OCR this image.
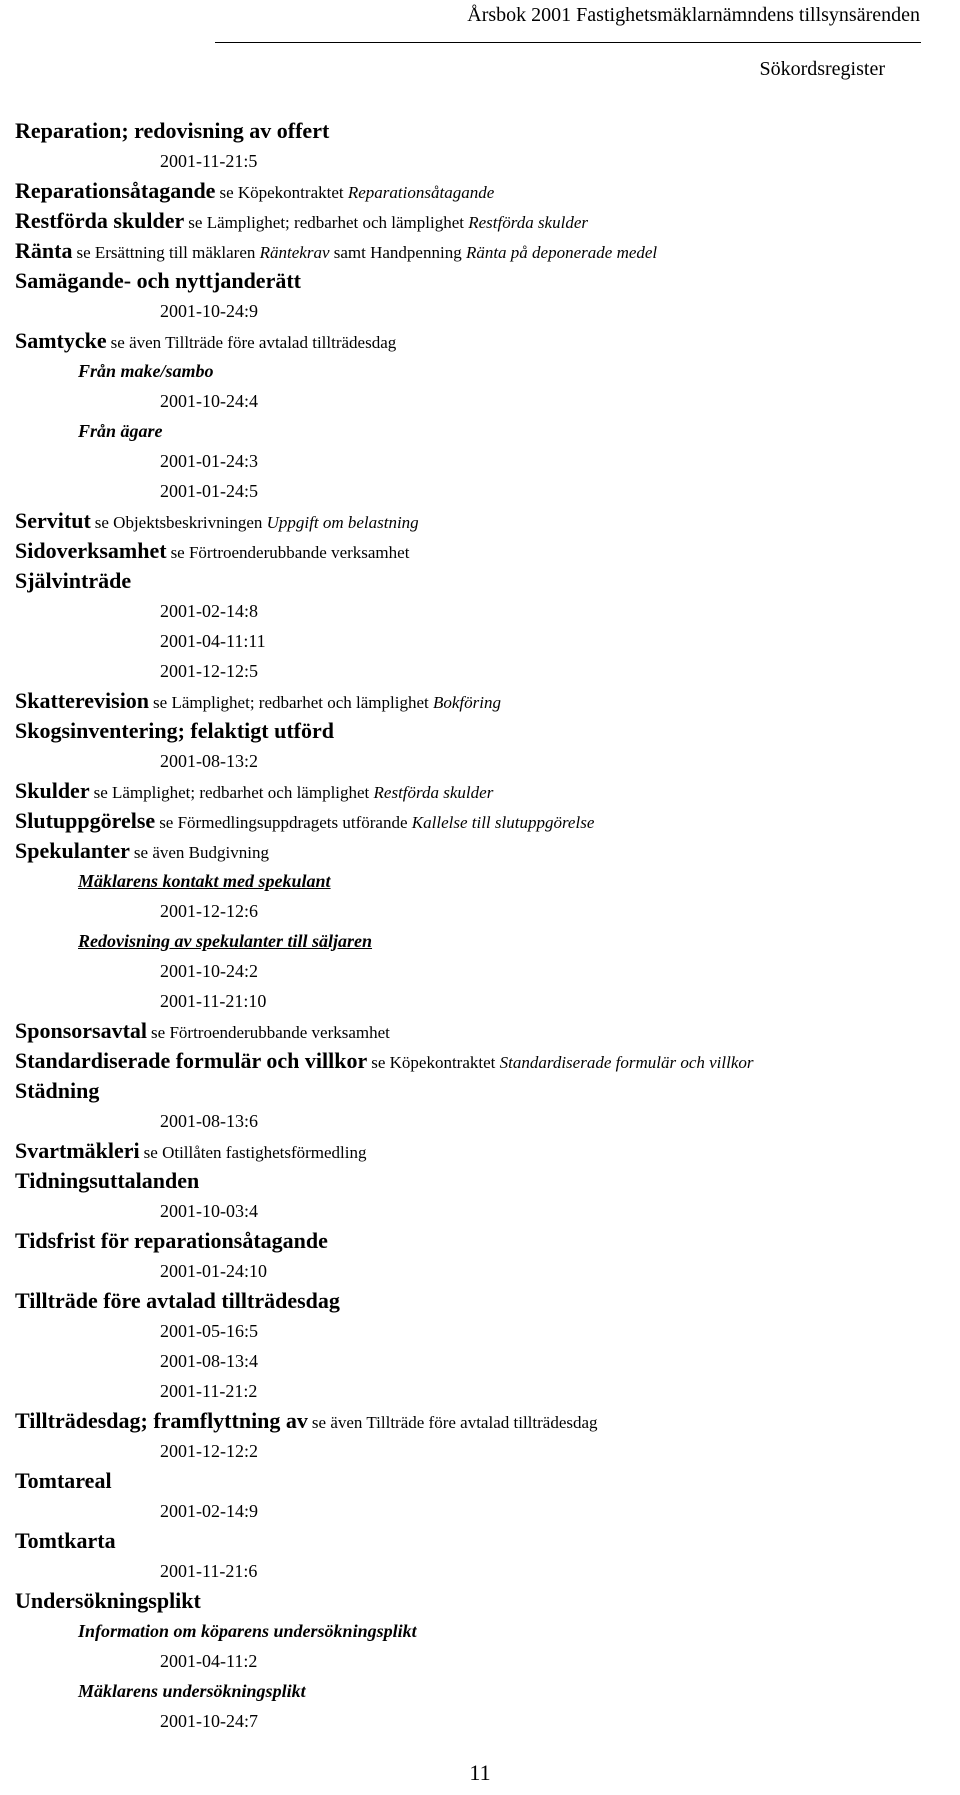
Årsbok 2001 Fastighetsmäklarnämndens tillsynsärenden
Sökordsregister
Reparation; redovisning av offert
2001-11-21:5
Reparationsåtagande se Köpekontraktet Reparationsåtagande
Restförda skulder se Lämplighet; redbarhet och lämplighet Restförda skulder
Ränta se Ersättning till mäklaren Räntekrav samt Handpenning Ränta på deponerade medel
Samägande- och nyttjanderätt
2001-10-24:9
Samtycke se även Tillträde före avtalad tillträdesdag
Från make/sambo
2001-10-24:4
Från ägare
2001-01-24:3
2001-01-24:5
Servitut se Objektsbeskrivningen Uppgift om belastning
Sidoverksamhet se Förtroenderubbande verksamhet
Självinträde
2001-02-14:8
2001-04-11:11
2001-12-12:5
Skatterevision se Lämplighet; redbarhet och lämplighet Bokföring
Skogsinventering; felaktigt utförd
2001-08-13:2
Skulder se Lämplighet; redbarhet och lämplighet Restförda skulder
Slutuppgörelse se Förmedlingsuppdragets utförande Kallelse till slutuppgörelse
Spekulanter se även Budgivning
Mäklarens kontakt med spekulant
2001-12-12:6
Redovisning av spekulanter till säljaren
2001-10-24:2
2001-11-21:10
Sponsorsavtal se Förtroenderubbande verksamhet
Standardiserade formulär och villkor se Köpekontraktet Standardiserade formulär och villkor
Städning
2001-08-13:6
Svartmäkleri se Otillåten fastighetsförmedling
Tidningsuttalanden
2001-10-03:4
Tidsfrist för reparationsåtagande
2001-01-24:10
Tillträde före avtalad tillträdesdag
2001-05-16:5
2001-08-13:4
2001-11-21:2
Tillträdesdag; framflyttning av se även Tillträde före avtalad tillträdesdag
2001-12-12:2
Tomtareal
2001-02-14:9
Tomtkarta
2001-11-21:6
Undersökningsplikt
Information om köparens undersökningsplikt
2001-04-11:2
Mäklarens undersökningsplikt
2001-10-24:7
11
